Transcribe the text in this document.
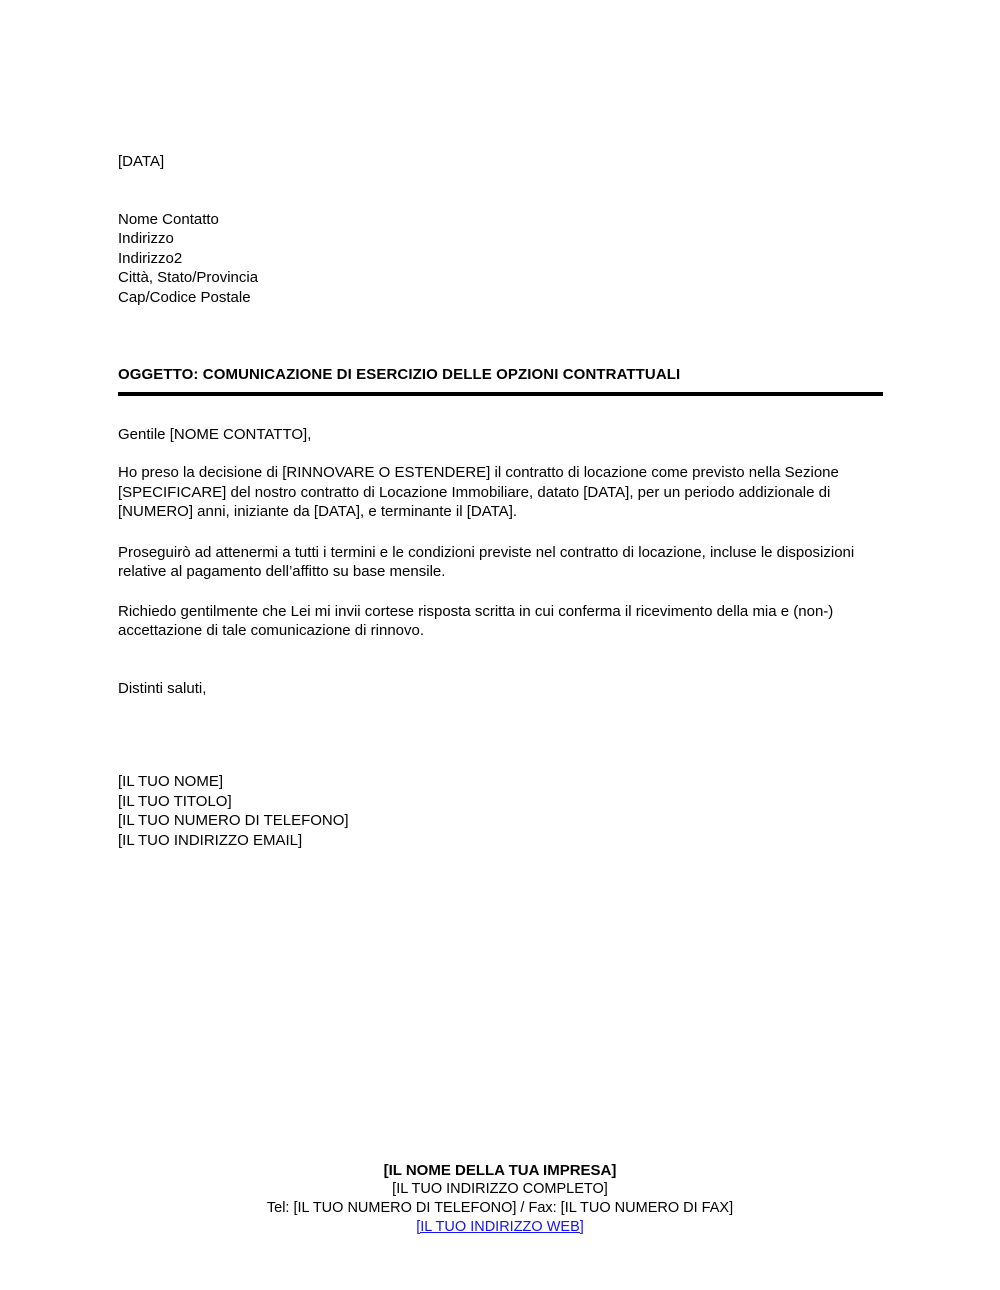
[DATA]
Nome Contatto
Indirizzo
Indirizzo2
Città, Stato/Provincia
Cap/Codice Postale
OGGETTO: COMUNICAZIONE DI ESERCIZIO DELLE OPZIONI CONTRATTUALI
Gentile [NOME CONTATTO],

Ho preso la decisione di [RINNOVARE O ESTENDERE] il contratto di locazione come previsto nella Sezione [SPECIFICARE] del nostro contratto di Locazione Immobiliare, datato [DATA], per un periodo addizionale di [NUMERO] anni, iniziante da [DATA], e terminante il [DATA].

Proseguirò ad attenermi a tutti i termini e le condizioni previste nel contratto di locazione, incluse le disposizioni relative al pagamento dell’affitto su base mensile.

Richiedo gentilmente che Lei mi invii cortese risposta scritta in cui conferma il ricevimento della mia e (non-) accettazione di tale comunicazione di rinnovo.

Distinti saluti,
[IL TUO NOME]
[IL TUO TITOLO]
[IL TUO NUMERO DI TELEFONO]
[IL TUO INDIRIZZO EMAIL]
[IL NOME DELLA TUA IMPRESA]
[IL TUO INDIRIZZO COMPLETO]
Tel: [IL TUO NUMERO DI TELEFONO] / Fax: [IL TUO NUMERO DI FAX]
[IL TUO INDIRIZZO WEB]
